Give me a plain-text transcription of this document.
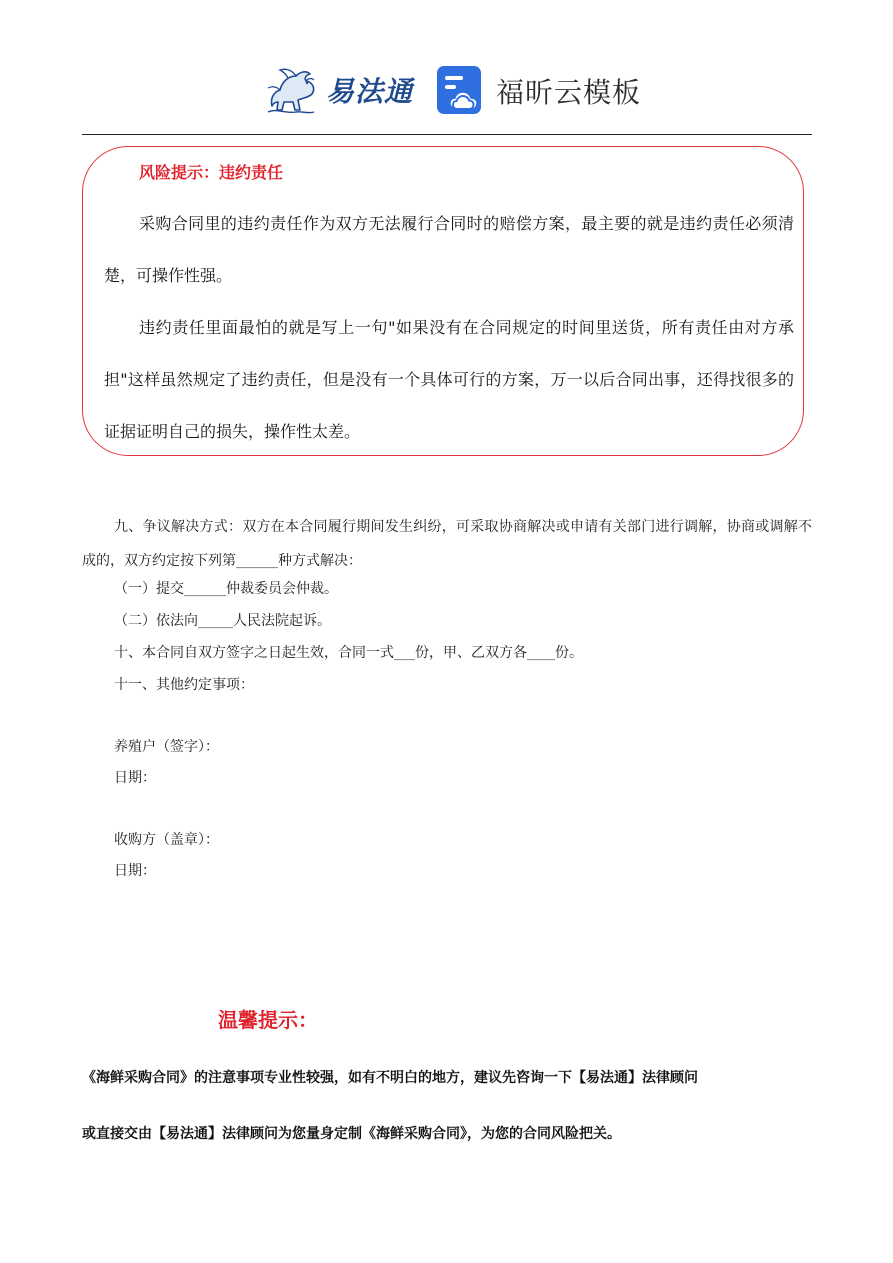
易法通	福昕云模板
风险提示：违约责任
采购合同里的违约责任作为双方无法履行合同时的赔偿方案，最主要的就是违约责任必须清楚，可操作性强。
违约责任里面最怕的就是写上一句"如果没有在合同规定的时间里送货，所有责任由对方承担"这样虽然规定了违约责任，但是没有一个具体可行的方案，万一以后合同出事，还得找很多的证据证明自己的损失，操作性太差。
九、争议解决方式：双方在本合同履行期间发生纠纷，可采取协商解决或申请有关部门进行调解，协商或调解不成的，双方约定按下列第______种方式解决：
（一）提交______仲裁委员会仲裁。
（二）依法向_____人民法院起诉。
十、本合同自双方签字之日起生效，合同一式___份，甲、乙双方各____份。
十一、其他约定事项：
养殖户（签字）：
日期：
收购方（盖章）：
日期：
温馨提示：
《海鲜采购合同》的注意事项专业性较强，如有不明白的地方，建议先咨询一下【易法通】法律顾问
或直接交由【易法通】法律顾问为您量身定制《海鲜采购合同》，为您的合同风险把关。
